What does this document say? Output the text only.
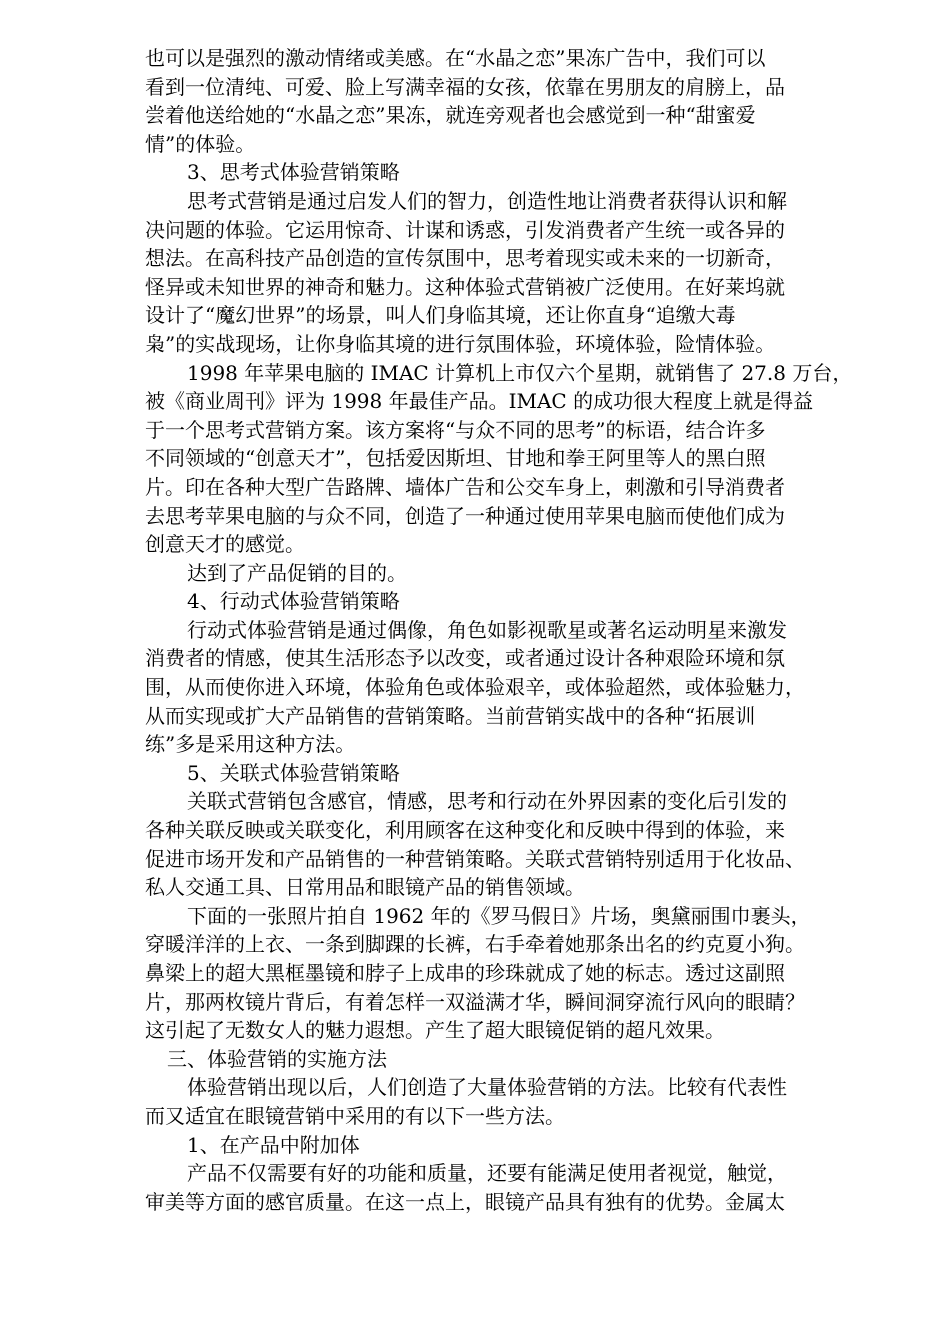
也可以是强烈的激动情绪或美感。在“水晶之恋”果冻广告中，我们可以
看到一位清纯、可爱、脸上写满幸福的女孩，依靠在男朋友的肩膀上，品
尝着他送给她的“水晶之恋”果冻，就连旁观者也会感觉到一种“甜蜜爱
情”的体验。
3、思考式体验营销策略
思考式营销是通过启发人们的智力，创造性地让消费者获得认识和解
决问题的体验。它运用惊奇、计谋和诱惑，引发消费者产生统一或各异的
想法。在高科技产品创造的宣传氛围中，思考着现实或未来的一切新奇，
怪异或未知世界的神奇和魅力。这种体验式营销被广泛使用。在好莱坞就
设计了“魔幻世界”的场景，叫人们身临其境，还让你直身“追缴大毒
枭”的实战现场，让你身临其境的进行氛围体验，环境体验，险情体验。
1998 年苹果电脑的 IMAC 计算机上市仅六个星期，就销售了 27.8 万台，
被《商业周刊》评为 1998 年最佳产品。IMAC 的成功很大程度上就是得益
于一个思考式营销方案。该方案将“与众不同的思考”的标语，结合许多
不同领域的“创意天才”，包括爱因斯坦、甘地和拳王阿里等人的黑白照
片。印在各种大型广告路牌、墙体广告和公交车身上，刺激和引导消费者
去思考苹果电脑的与众不同，创造了一种通过使用苹果电脑而使他们成为
创意天才的感觉。
达到了产品促销的目的。
4、行动式体验营销策略
行动式体验营销是通过偶像，角色如影视歌星或著名运动明星来激发
消费者的情感，使其生活形态予以改变，或者通过设计各种艰险环境和氛
围，从而使你进入环境，体验角色或体验艰辛，或体验超然，或体验魅力，
从而实现或扩大产品销售的营销策略。当前营销实战中的各种“拓展训
练”多是采用这种方法。
5、关联式体验营销策略
关联式营销包含感官，情感，思考和行动在外界因素的变化后引发的
各种关联反映或关联变化，利用顾客在这种变化和反映中得到的体验，来
促进市场开发和产品销售的一种营销策略。关联式营销特别适用于化妆品、
私人交通工具、日常用品和眼镜产品的销售领域。
下面的一张照片拍自 1962 年的《罗马假日》片场，奥黛丽围巾裹头，
穿暖洋洋的上衣、一条到脚踝的长裤，右手牵着她那条出名的约克夏小狗。
鼻梁上的超大黑框墨镜和脖子上成串的珍珠就成了她的标志。透过这副照
片，那两枚镜片背后，有着怎样一双溢满才华，瞬间洞穿流行风向的眼睛？
这引起了无数女人的魅力遐想。产生了超大眼镜促销的超凡效果。
三、体验营销的实施方法
体验营销出现以后，人们创造了大量体验营销的方法。比较有代表性
而又适宜在眼镜营销中采用的有以下一些方法。
1、在产品中附加体
产品不仅需要有好的功能和质量，还要有能满足使用者视觉，触觉，
审美等方面的感官质量。在这一点上，眼镜产品具有独有的优势。金属太
